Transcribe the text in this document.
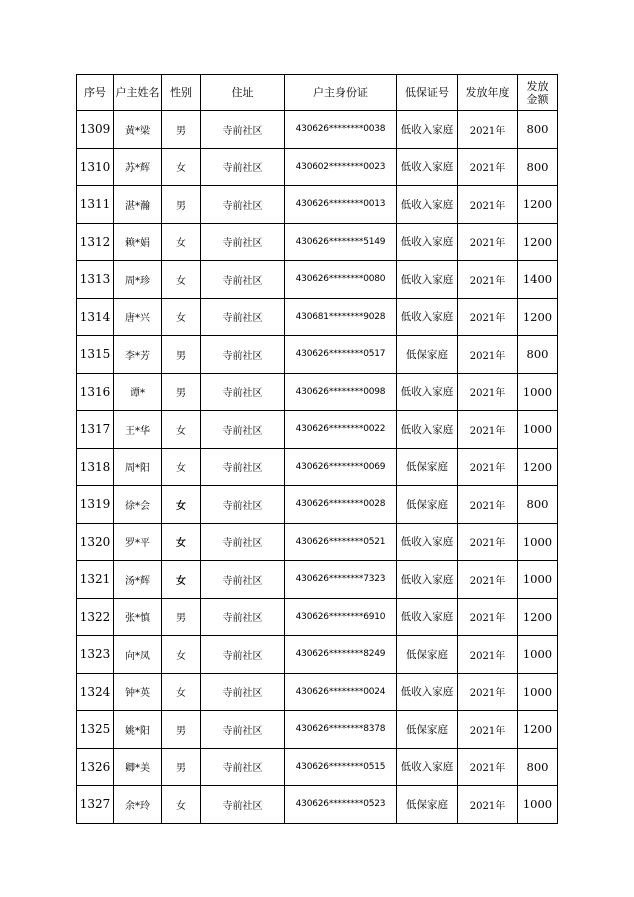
序号	户主姓名	性别	住址	户主身份证	低保证号	发放年度	发放
金额
1309	黄*梁	男	寺前社区	430626********0038	低收入家庭	2021年	800
1310	苏*辉	女	寺前社区	430602********0023	低收入家庭	2021年	800
1311	湛*瀚	男	寺前社区	430626********0013	低收入家庭	2021年	1200
1312	赖*娟	女	寺前社区	430626********5149	低收入家庭	2021年	1200
1313	周*珍	女	寺前社区	430626********0080	低收入家庭	2021年	1400
1314	唐*兴	女	寺前社区	430681********9028	低收入家庭	2021年	1200
1315	李*芳	男	寺前社区	430626********0517	低保家庭	2021年	800
1316	谭*	男	寺前社区	430626********0098	低收入家庭	2021年	1000
1317	王*华	女	寺前社区	430626********0022	低收入家庭	2021年	1000
1318	周*阳	女	寺前社区	430626********0069	低保家庭	2021年	1200
1319	徐*会	女	寺前社区	430626********0028	低保家庭	2021年	800
1320	罗*平	女	寺前社区	430626********0521	低收入家庭	2021年	1000
1321	汤*辉	女	寺前社区	430626********7323	低收入家庭	2021年	1000
1322	张*慎	男	寺前社区	430626********6910	低收入家庭	2021年	1200
1323	向*凤	女	寺前社区	430626********8249	低保家庭	2021年	1000
1324	钟*英	女	寺前社区	430626********0024	低收入家庭	2021年	1000
1325	姚*阳	男	寺前社区	430626********8378	低保家庭	2021年	1200
1326	卿*美	男	寺前社区	430626********0515	低收入家庭	2021年	800
1327	余*玲	女	寺前社区	430626********0523	低保家庭	2021年	1000
